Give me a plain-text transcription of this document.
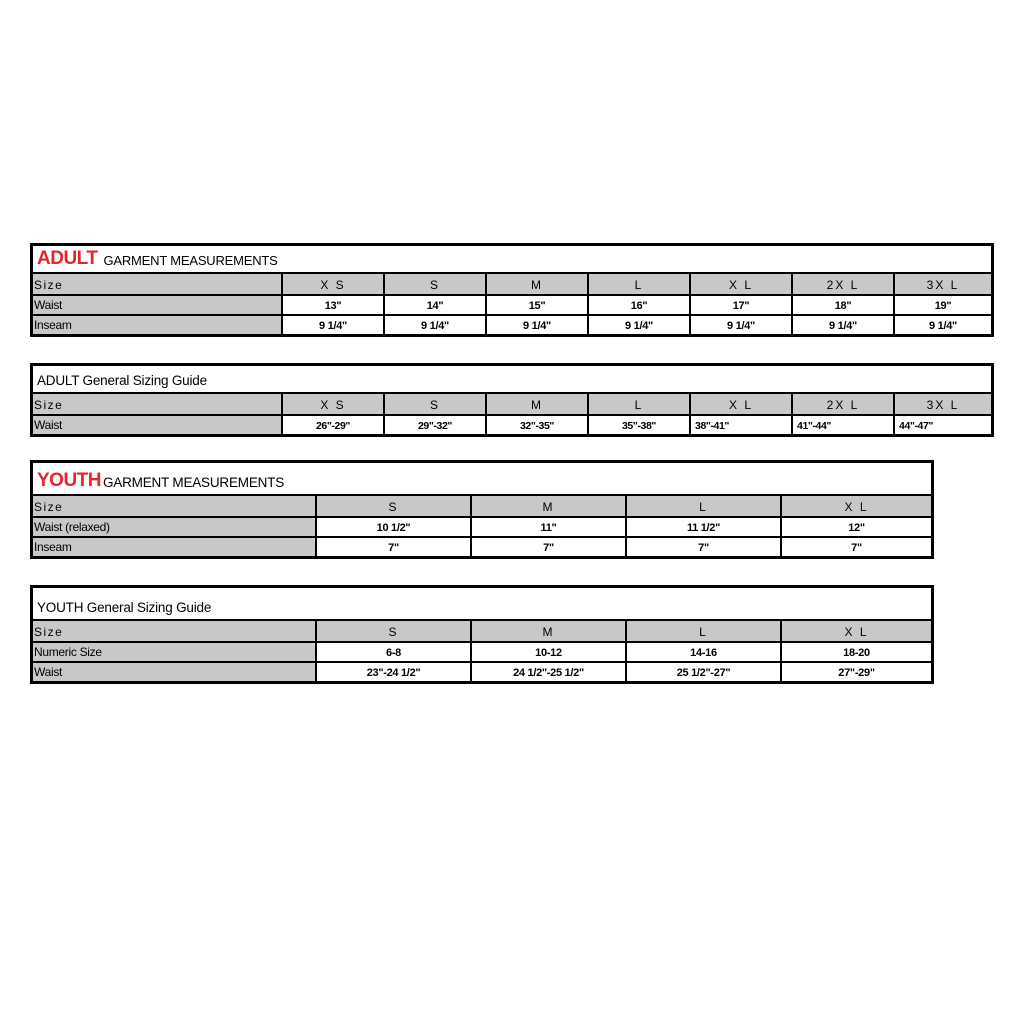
ADULT GARMENT MEASUREMENTS
Size	X S	S	M	L	X L	2X L	3X L
Waist	13"	14"	15"	16"	17"	18"	19"
Inseam	9 1/4"	9 1/4"	9 1/4"	9 1/4"	9 1/4"	9 1/4"	9 1/4"
ADULT General Sizing Guide
Size	X S	S	M	L	X L	2X L	3X L
Waist	26"-29"	29"-32"	32"-35"	35"-38"	38"-41"	41"-44"	44"-47"
YOUTH GARMENT MEASUREMENTS
Size	S	M	L	X L
Waist (relaxed)	10 1/2"	11"	11 1/2"	12"
Inseam	7"	7"	7"	7"
YOUTH General Sizing Guide
Size	S	M	L	X L
Numeric Size	6-8	10-12	14-16	18-20
Waist	23"-24 1/2"	24 1/2"-25 1/2"	25 1/2"-27"	27"-29"
